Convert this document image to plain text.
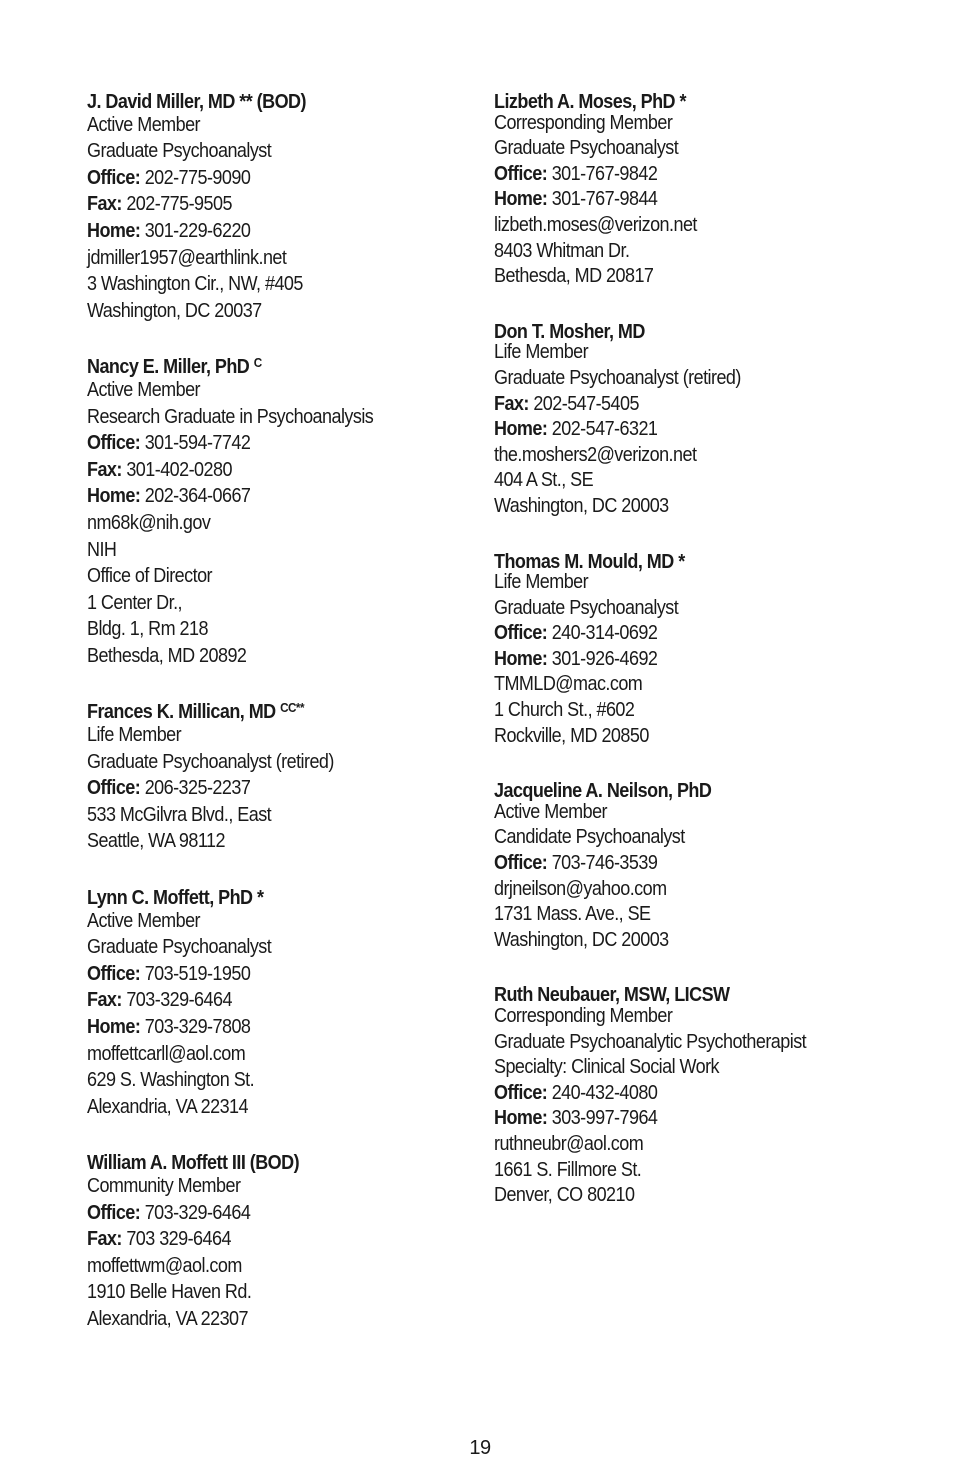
J. David Miller, MD ** (BOD)
Active Member
Graduate Psychoanalyst
Office: 202-775-9090
Fax: 202-775-9505
Home: 301-229-6220
jdmiller1957@earthlink.net
3 Washington Cir., NW, #405
Washington, DC 20037
Nancy E. Miller, PhD $^C$
Active Member
Research Graduate in Psychoanalysis
Office: 301-594-7742
Fax: 301-402-0280
Home: 202-364-0667
nm68k@nih.gov
NIH
Office of Director
1 Center Dr.,
Bldg. 1, Rm 218
Bethesda, MD 20892
Frances K. Millican, MD $^{CC**}$
Life Member
Graduate Psychoanalyst (retired)
Office: 206-325-2237
533 McGilvra Blvd., East
Seattle, WA 98112
Lynn C. Moffett, PhD *
Active Member
Graduate Psychoanalyst
Office: 703-519-1950
Fax: 703-329-6464
Home: 703-329-7808
moffettcarll@aol.com
629 S. Washington St.
Alexandria, VA 22314
William A. Moffett III (BOD)
Community Member
Office: 703-329-6464
Fax: 703 329-6464
moffettwm@aol.com
1910 Belle Haven Rd.
Alexandria, VA 22307
Lizbeth A. Moses, PhD *
Corresponding Member
Graduate Psychoanalyst
Office: 301-767-9842
Home: 301-767-9844
lizbeth.moses@verizon.net
8403 Whitman Dr.
Bethesda, MD 20817
Don T. Mosher, MD
Life Member
Graduate Psychoanalyst (retired)
Fax: 202-547-5405
Home: 202-547-6321
the.moshers2@verizon.net
404 A St., SE
Washington, DC 20003
Thomas M. Mould, MD *
Life Member
Graduate Psychoanalyst
Office: 240-314-0692
Home: 301-926-4692
TMMLD@mac.com
1 Church St., #602
Rockville, MD 20850
Jacqueline A. Neilson, PhD
Active Member
Candidate Psychoanalyst
Office: 703-746-3539
drjneilson@yahoo.com
1731 Mass. Ave., SE
Washington, DC 20003
Ruth Neubauer, MSW, LICSW
Corresponding Member
Graduate Psychoanalytic Psychotherapist
Specialty: Clinical Social Work
Office: 240-432-4080
Home: 303-997-7964
ruthneubr@aol.com
1661 S. Fillmore St.
Denver, CO 80210
19
